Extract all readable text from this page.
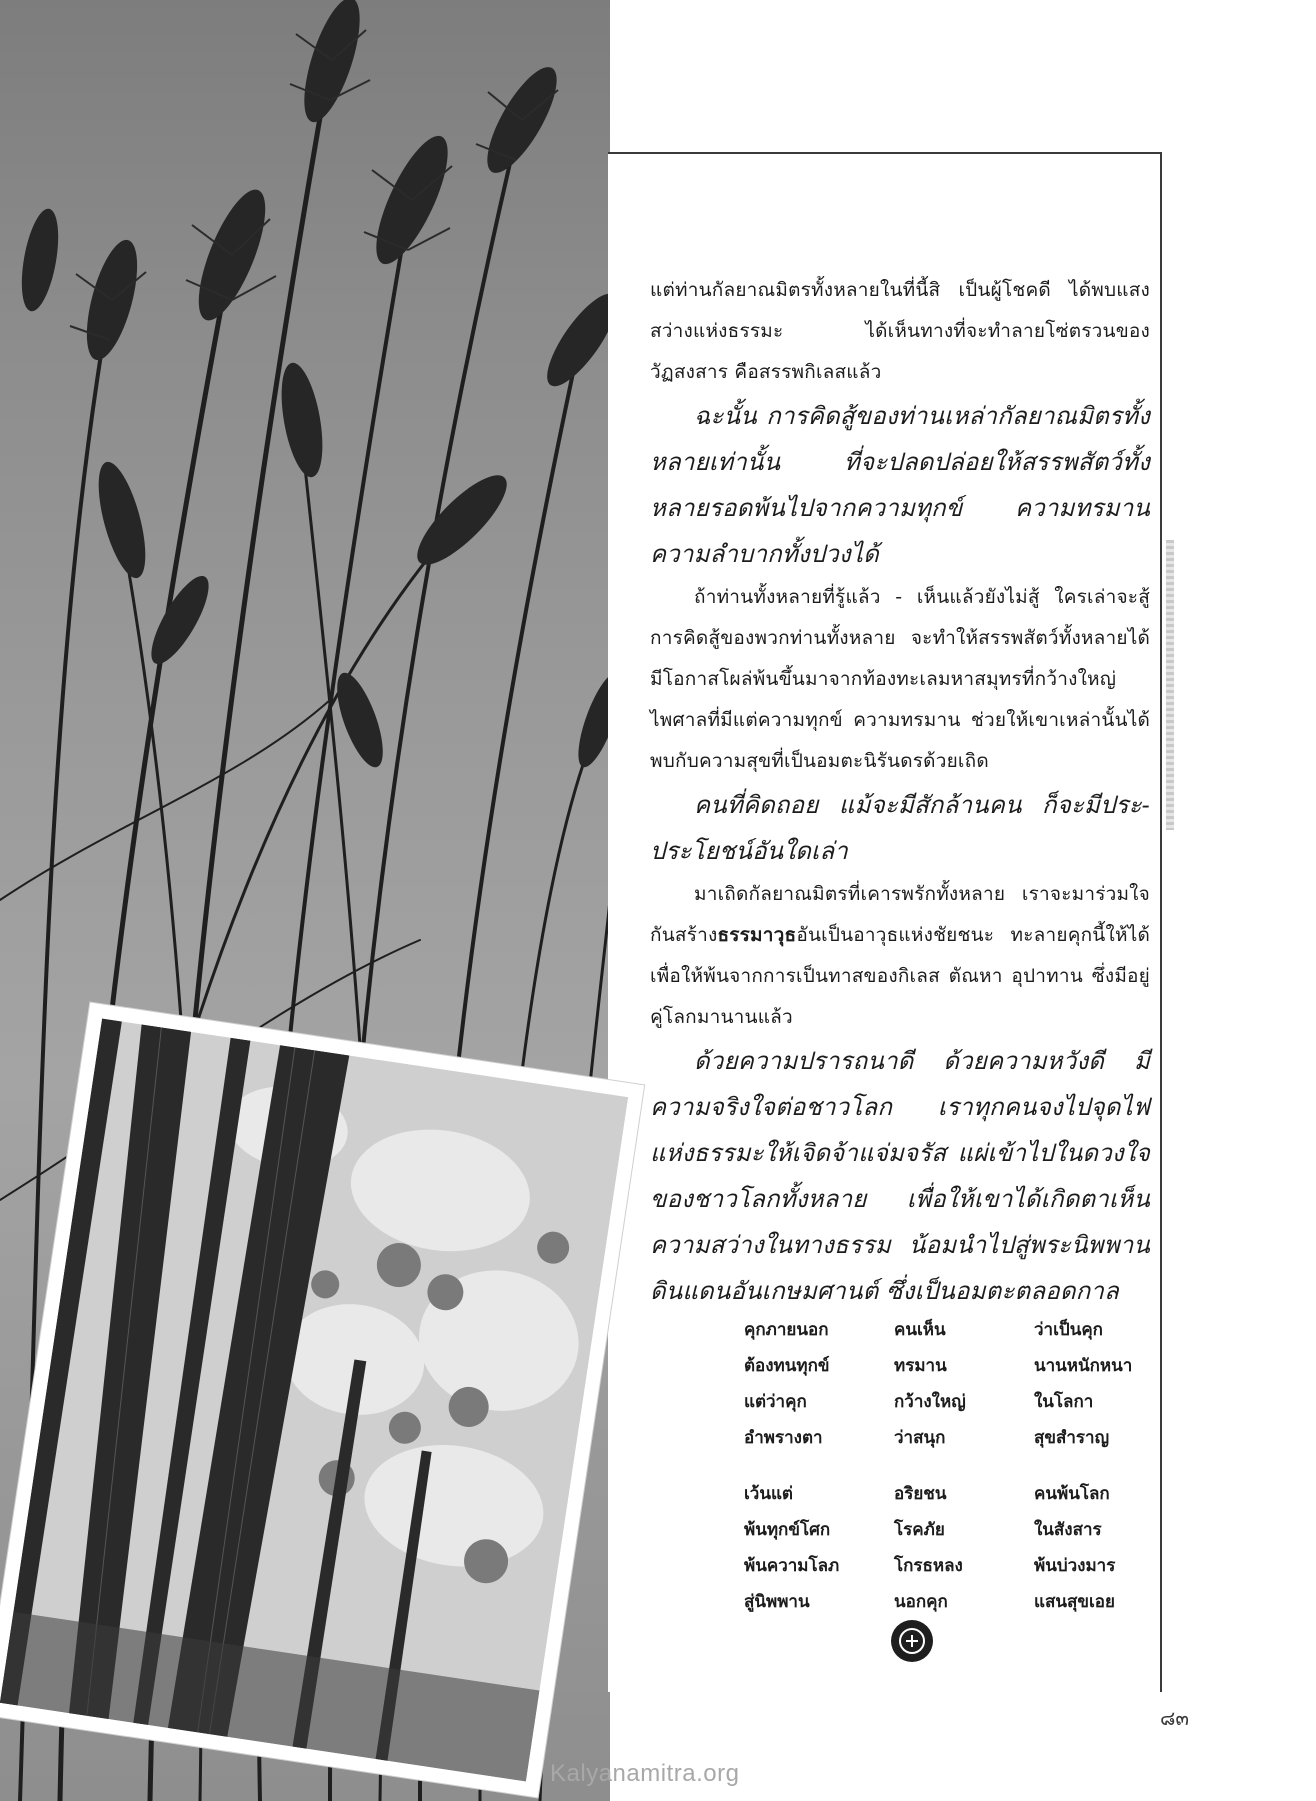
แต่ท่านกัลยาณมิตรทั้งหลายในที่นี้สิ เป็นผู้โชคดี ได้พบแสงสว่างแห่งธรรมะ ได้เห็นทางที่จะทำลายโซ่ตรวนของวัฏสงสาร คือสรรพกิเลสแล้ว

ฉะนั้น การคิดสู้ของท่านเหล่ากัลยาณมิตรทั้งหลายเท่านั้น ที่จะปลดปล่อยให้สรรพสัตว์ทั้งหลายรอดพ้นไปจากความทุกข์ ความทรมาน ความลำบากทั้งปวงได้

ถ้าท่านทั้งหลายที่รู้แล้ว - เห็นแล้วยังไม่สู้ ใครเล่าจะสู้ การคิดสู้ของพวกท่านทั้งหลาย จะทำให้สรรพสัตว์ทั้งหลายได้มีโอกาสโผล่พ้นขึ้นมาจากท้องทะเลมหาสมุทรที่กว้างใหญ่ไพศาลที่มีแต่ความทุกข์ ความทรมาน ช่วยให้เขาเหล่านั้นได้พบกับความสุขที่เป็นอมตะนิรันดรด้วยเถิด

คนที่คิดถอย แม้จะมีสักล้านคน ก็จะมีประ-ประโยชน์อันใดเล่า

มาเถิดกัลยาณมิตรที่เคารพรักทั้งหลาย เราจะมาร่วมใจกันสร้างธรรมาวุธอันเป็นอาวุธแห่งชัยชนะ ทะลายคุกนี้ให้ได้ เพื่อให้พ้นจากการเป็นทาสของกิเลส ตัณหา อุปาทาน ซึ่งมีอยู่คู่โลกมานานแล้ว

ด้วยความปรารถนาดี ด้วยความหวังดี มีความจริงใจต่อชาวโลก เราทุกคนจงไปจุดไฟแห่งธรรมะให้เจิดจ้าแจ่มจรัส แผ่เข้าไปในดวงใจของชาวโลกทั้งหลาย เพื่อให้เขาได้เกิดตาเห็นความสว่างในทางธรรม น้อมนำไปสู่พระนิพพาน ดินแดนอันเกษมศานต์ ซึ่งเป็นอมตะตลอดกาล

คุกภายนอก	คนเห็น	ว่าเป็นคุก
ต้องทนทุกข์	ทรมาน	นานหนักหนา
แต่ว่าคุก	กว้างใหญ่	ในโลกา
อำพรางตา	ว่าสนุก	สุขสำราญ
เว้นแต่	อริยชน	คนพ้นโลก
พ้นทุกข์โศก	โรคภัย	ในสังสาร
พ้นความโลภ	โกรธหลง	พ้นบ่วงมาร
สู่นิพพาน	นอกคุก	แสนสุขเอย
๘๓
Kalyanamitra.org
